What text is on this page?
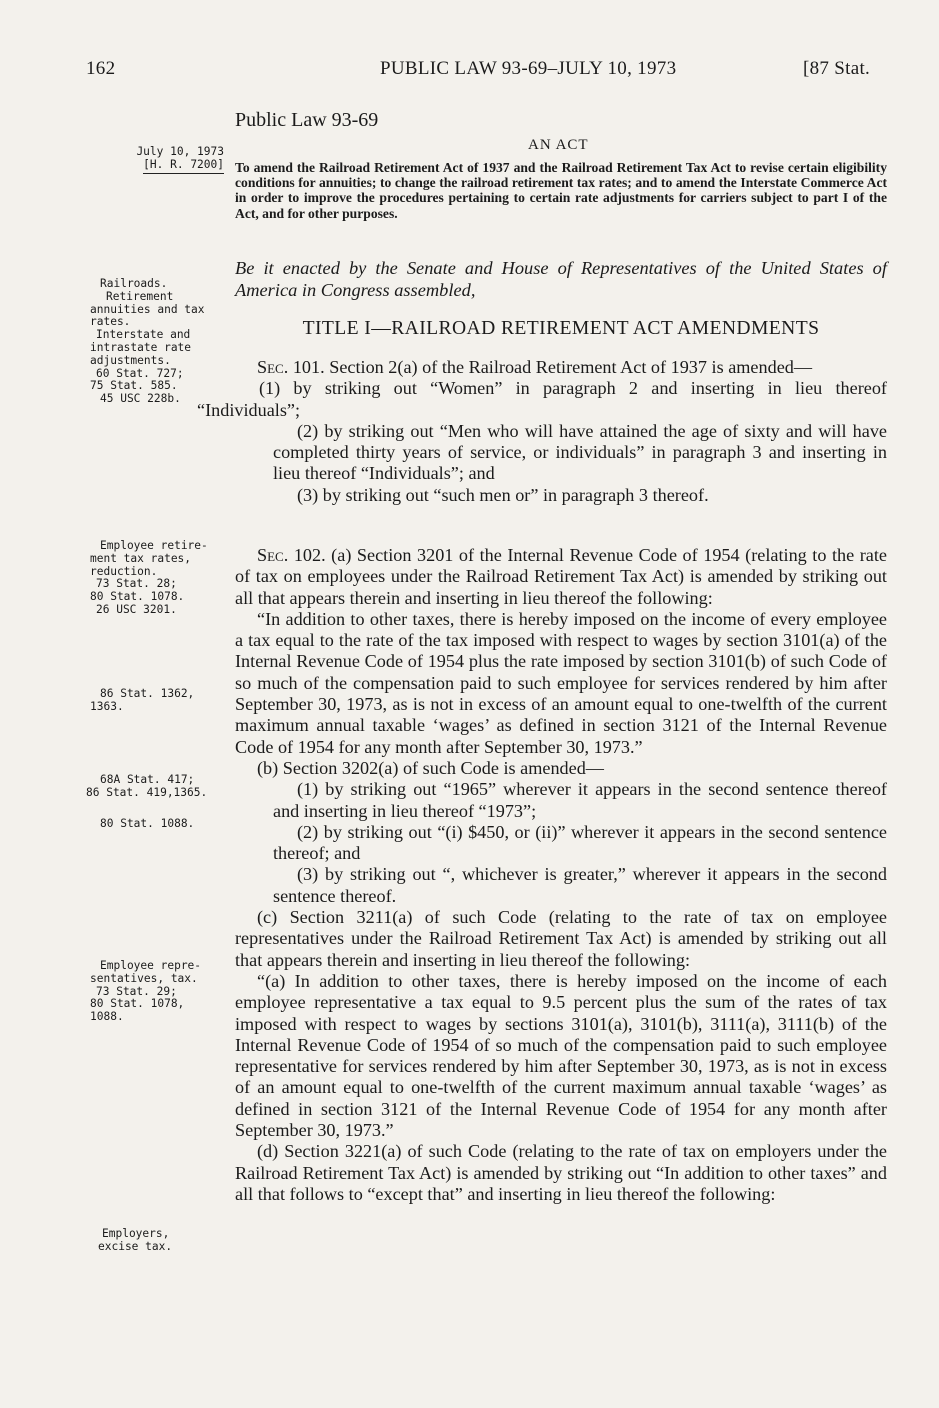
162	PUBLIC LAW 93-69–JULY 10, 1973	[87 Stat.
July 10, 1973
[H. R. 7200]
Railroads.
Retirement
annuities and tax
rates.
Interstate and
intrastate rate
adjustments.
60 Stat. 727;
75 Stat. 585.
45 USC 228b.
Employee retire-
ment tax rates,
reduction.
73 Stat. 28;
80 Stat. 1078.
26 USC 3201.
86 Stat. 1362,
1363.
68A Stat. 417;
86 Stat. 419,1365.
80 Stat. 1088.
Employee repre-
sentatives, tax.
73 Stat. 29;
80 Stat. 1078,
1088.
Employers,
excise tax.
Public Law 93-69
AN ACT
To amend the Railroad Retirement Act of 1937 and the Railroad Retirement Tax Act to revise certain eligibility conditions for annuities; to change the railroad retirement tax rates; and to amend the Interstate Commerce Act in order to improve the procedures pertaining to certain rate adjustments for carriers subject to part I of the Act, and for other purposes.
Be it enacted by the Senate and House of Representatives of the United States of America in Congress assembled,
TITLE I—RAILROAD RETIREMENT ACT AMENDMENTS
Sec. 101. Section 2(a) of the Railroad Retirement Act of 1937 is amended—
(1) by striking out “Women” in paragraph 2 and inserting in lieu thereof “Individuals”;
(2) by striking out “Men who will have attained the age of sixty and will have completed thirty years of service, or individuals” in paragraph 3 and inserting in lieu thereof “Individuals”; and
(3) by striking out “such men or” in paragraph 3 thereof.
Sec. 102. (a) Section 3201 of the Internal Revenue Code of 1954 (relating to the rate of tax on employees under the Railroad Retirement Tax Act) is amended by striking out all that appears therein and inserting in lieu thereof the following:
“In addition to other taxes, there is hereby imposed on the income of every employee a tax equal to the rate of the tax imposed with respect to wages by section 3101(a) of the Internal Revenue Code of 1954 plus the rate imposed by section 3101(b) of such Code of so much of the compensation paid to such employee for services rendered by him after September 30, 1973, as is not in excess of an amount equal to one-twelfth of the current maximum annual taxable ‘wages’ as defined in section 3121 of the Internal Revenue Code of 1954 for any month after September 30, 1973.”
(b) Section 3202(a) of such Code is amended—
(1) by striking out “1965” wherever it appears in the second sentence thereof and inserting in lieu thereof “1973”;
(2) by striking out “(i) $450, or (ii)” wherever it appears in the second sentence thereof; and
(3) by striking out “, whichever is greater,” wherever it appears in the second sentence thereof.
(c) Section 3211(a) of such Code (relating to the rate of tax on employee representatives under the Railroad Retirement Tax Act) is amended by striking out all that appears therein and inserting in lieu thereof the following:
“(a) In addition to other taxes, there is hereby imposed on the income of each employee representative a tax equal to 9.5 percent plus the sum of the rates of tax imposed with respect to wages by sections 3101(a), 3101(b), 3111(a), 3111(b) of the Internal Revenue Code of 1954 of so much of the compensation paid to such employee representative for services rendered by him after September 30, 1973, as is not in excess of an amount equal to one-twelfth of the current maximum annual taxable ‘wages’ as defined in section 3121 of the Internal Revenue Code of 1954 for any month after September 30, 1973.”
(d) Section 3221(a) of such Code (relating to the rate of tax on employers under the Railroad Retirement Tax Act) is amended by striking out “In addition to other taxes” and all that follows to “except that” and inserting in lieu thereof the following:
